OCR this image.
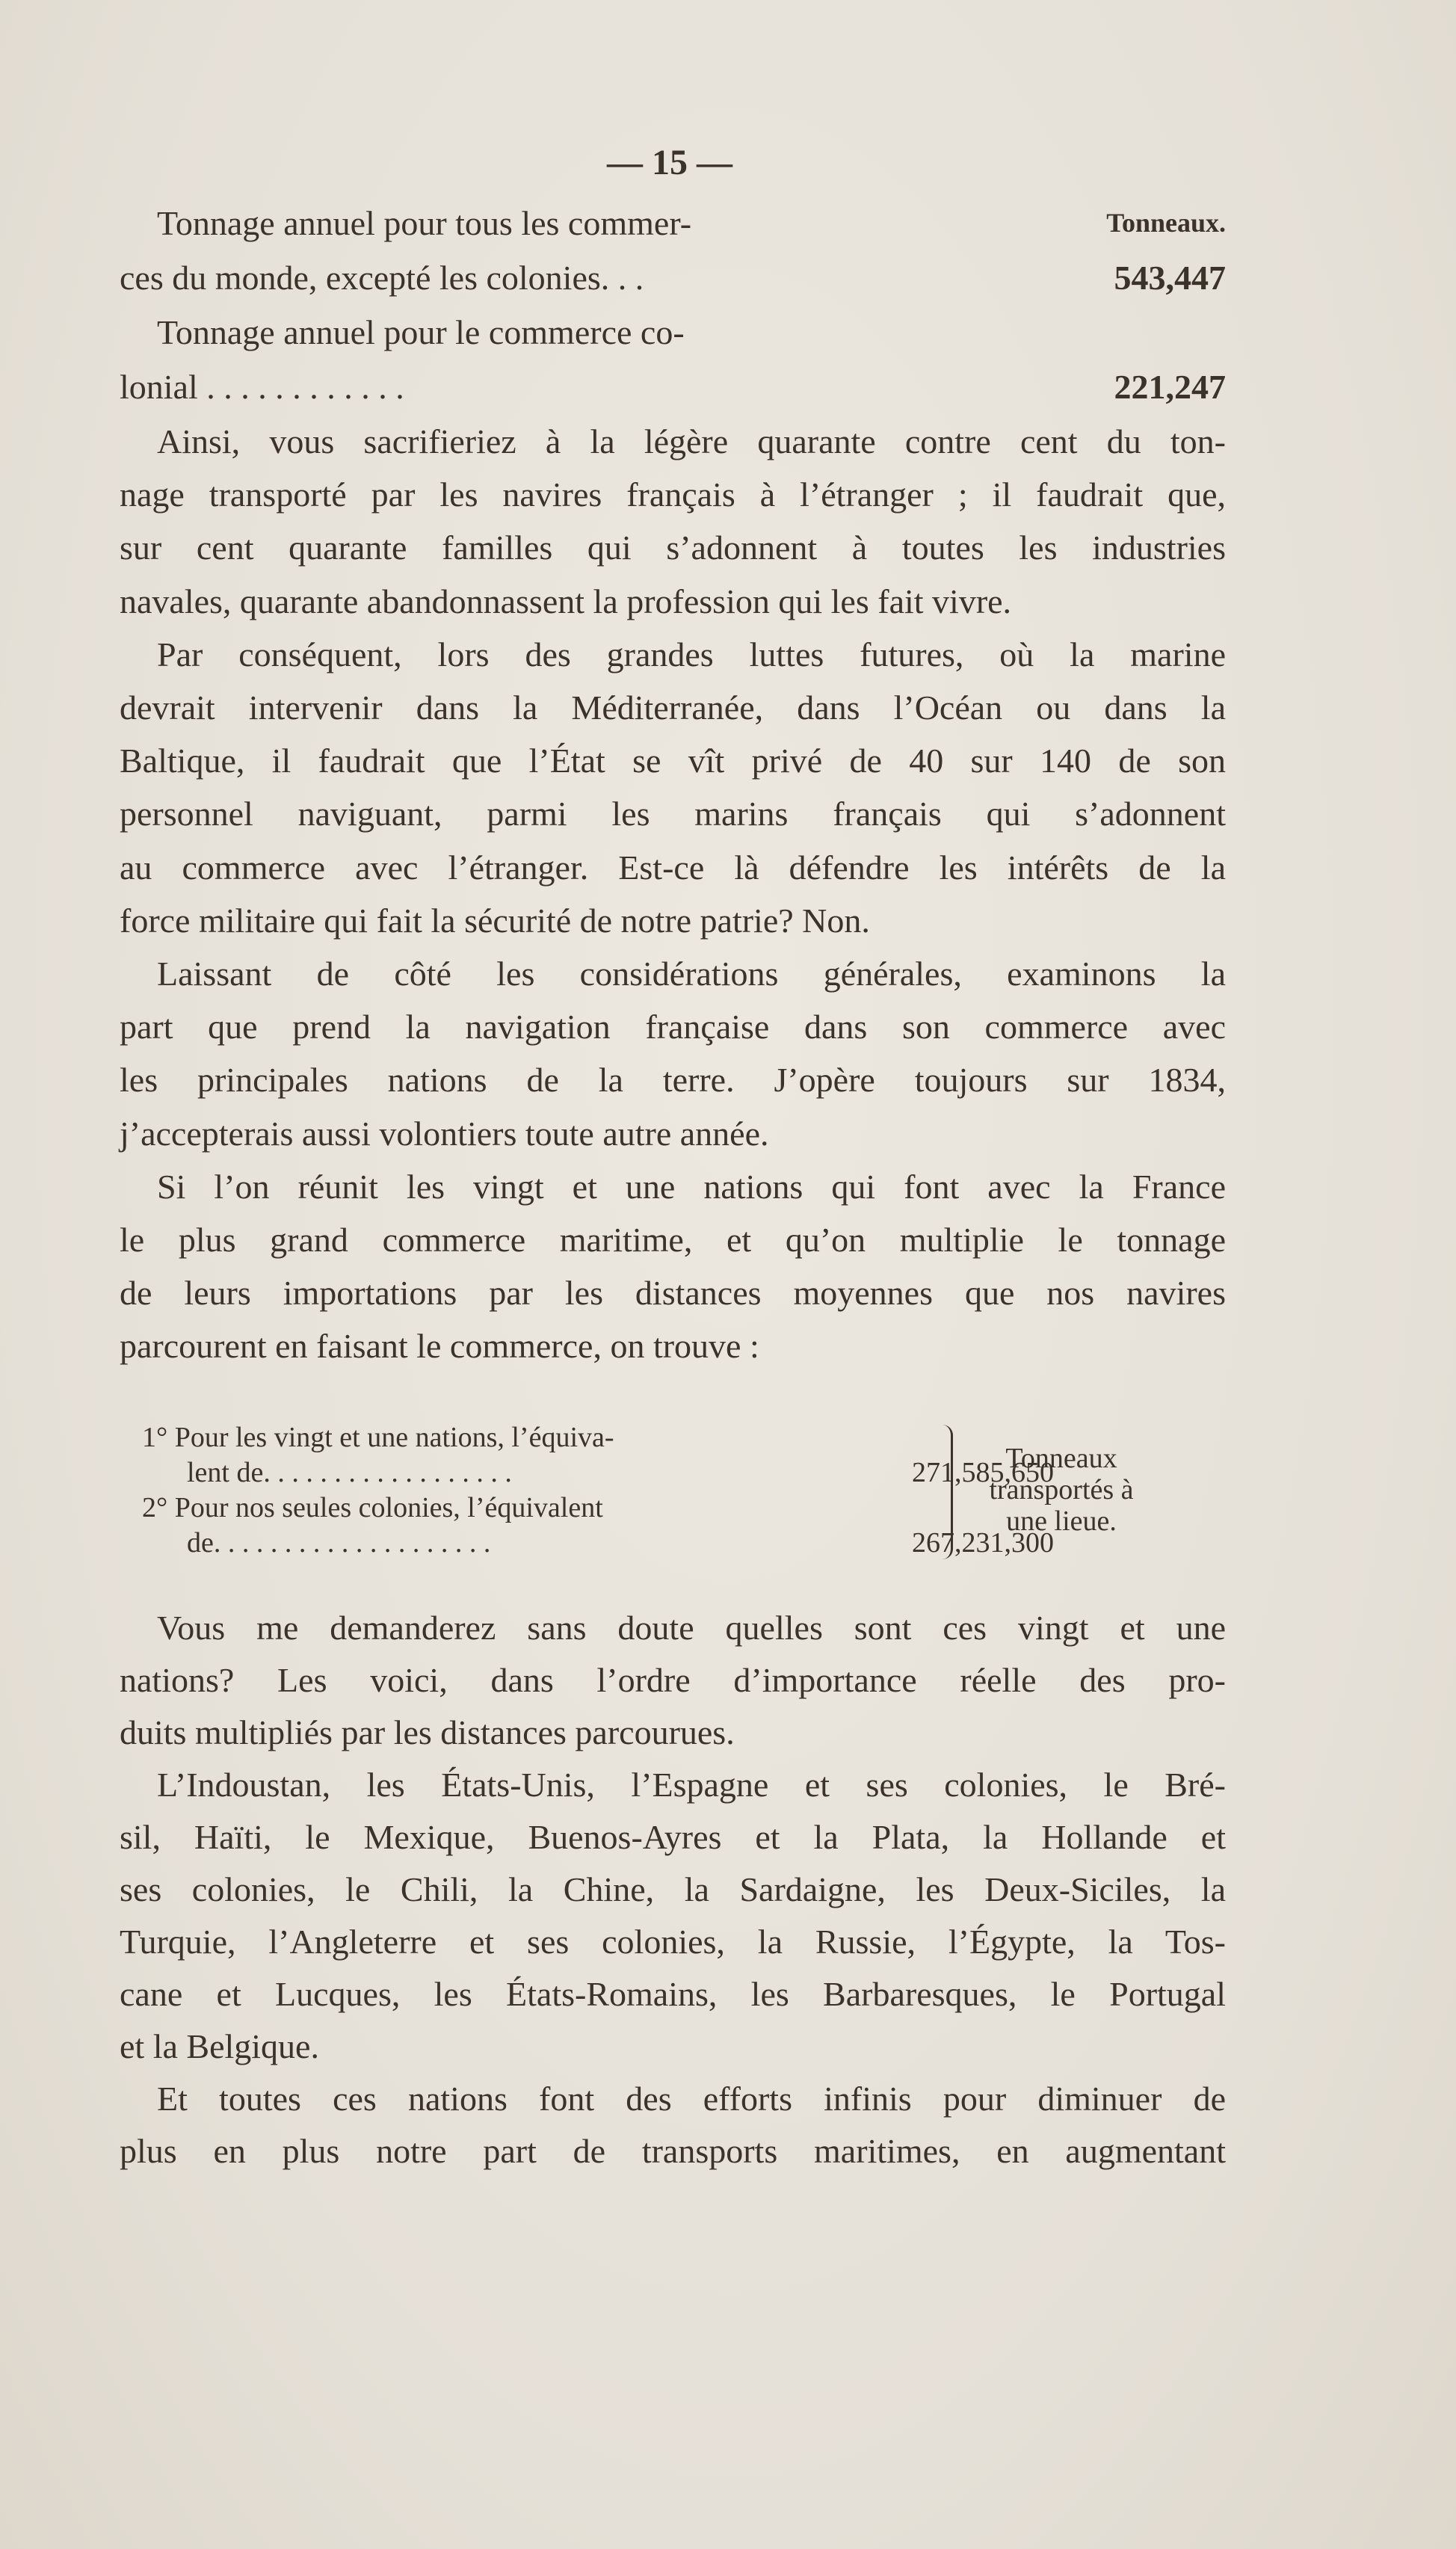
— 15 —
Tonnage annuel pour tous les commer-	Tonneaux.
ces du monde, excepté les colonies. . .	543,447
Tonnage annuel pour le commerce co-
lonial . . . . . . . . . . . .	221,247
Ainsi, vous sacrifieriez à la légère quarante contre cent du ton-
nage transporté par les navires français à l’étranger ; il faudrait que,
sur cent quarante familles qui s’adonnent à toutes les industries
navales, quarante abandonnassent la profession qui les fait vivre.
Par conséquent, lors des grandes luttes futures, où la marine
devrait intervenir dans la Méditerranée, dans l’Océan ou dans la
Baltique, il faudrait que l’État se vît privé de 40 sur 140 de son
personnel naviguant, parmi les marins français qui s’adonnent
au commerce avec l’étranger. Est-ce là défendre les intérêts de la
force militaire qui fait la sécurité de notre patrie? Non.
Laissant de côté les considérations générales, examinons la
part que prend la navigation française dans son commerce avec
les principales nations de la terre. J’opère toujours sur 1834,
j’accepterais aussi volontiers toute autre année.
Si l’on réunit les vingt et une nations qui font avec la France
le plus grand commerce maritime, et qu’on multiplie le tonnage
de leurs importations par les distances moyennes que nos navires
parcourent en faisant le commerce, on trouve :
1° Pour les vingt et une nations, l’équiva-
lent de. . . . . . . . . . . . . . . . . .	271,585,650
2° Pour nos seules colonies, l’équivalent
de. . . . . . . . . . . . . . . . . . . .	267,231,300
Tonneaux
transportés à
une lieue.
Vous me demanderez sans doute quelles sont ces vingt et une
nations? Les voici, dans l’ordre d’importance réelle des pro-
duits multipliés par les distances parcourues.
L’Indoustan, les États-Unis, l’Espagne et ses colonies, le Bré-
sil, Haïti, le Mexique, Buenos-Ayres et la Plata, la Hollande et
ses colonies, le Chili, la Chine, la Sardaigne, les Deux-Siciles, la
Turquie, l’Angleterre et ses colonies, la Russie, l’Égypte, la Tos-
cane et Lucques, les États-Romains, les Barbaresques, le Portugal
et la Belgique.
Et toutes ces nations font des efforts infinis pour diminuer de
plus en plus notre part de transports maritimes, en augmentant
